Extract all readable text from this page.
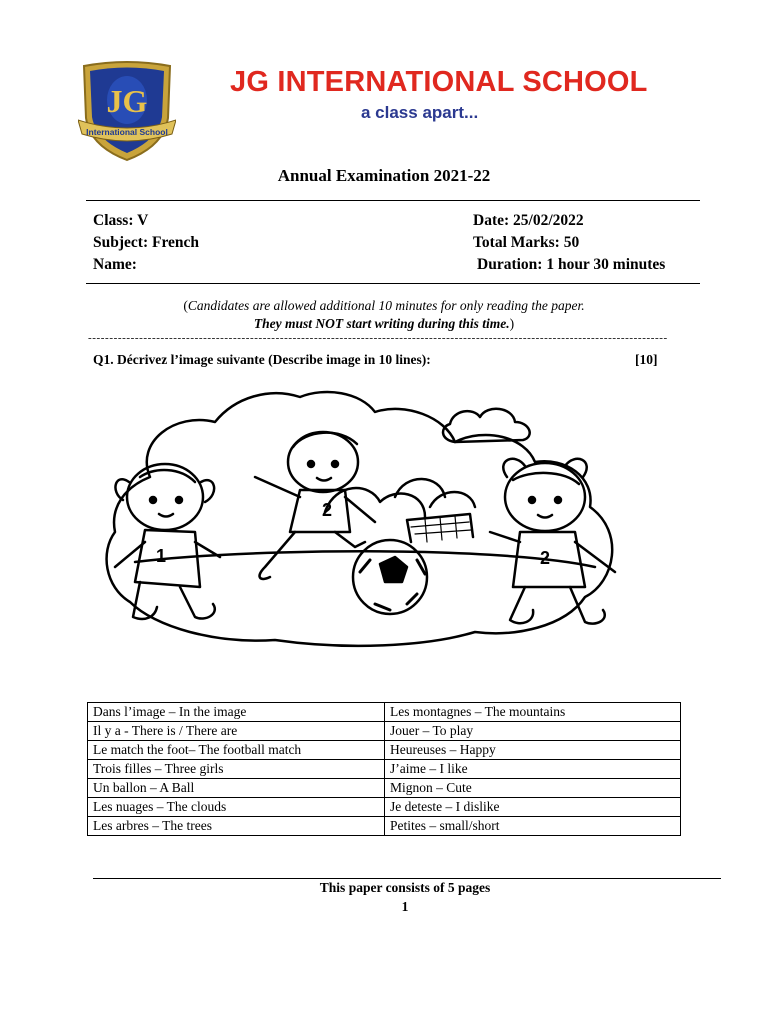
JG
International School
JG INTERNATIONAL SCHOOL
a class apart...
Annual Examination 2021-22
Class: V
Subject: French
Name:
Date: 25/02/2022
Total Marks: 50
Duration: 1 hour 30 minutes
(Candidates are allowed additional 10 minutes for only reading the paper.
They must NOT start writing during this time.)
----------------------------------------------------------------------------------------------------------------------------------------
Q1. Décrivez l’image suivante (Describe image in 10 lines):	[10]
1
2
2
Dans l’image – In the image	Les montagnes – The mountains
Il y a - There is / There are	Jouer – To play
Le match the foot– The football match	Heureuses – Happy
Trois filles – Three girls	J’aime – I like
Un ballon – A Ball	Mignon – Cute
Les nuages – The clouds	Je deteste – I dislike
Les arbres – The trees	Petites – small/short
This paper consists of 5 pages
1
